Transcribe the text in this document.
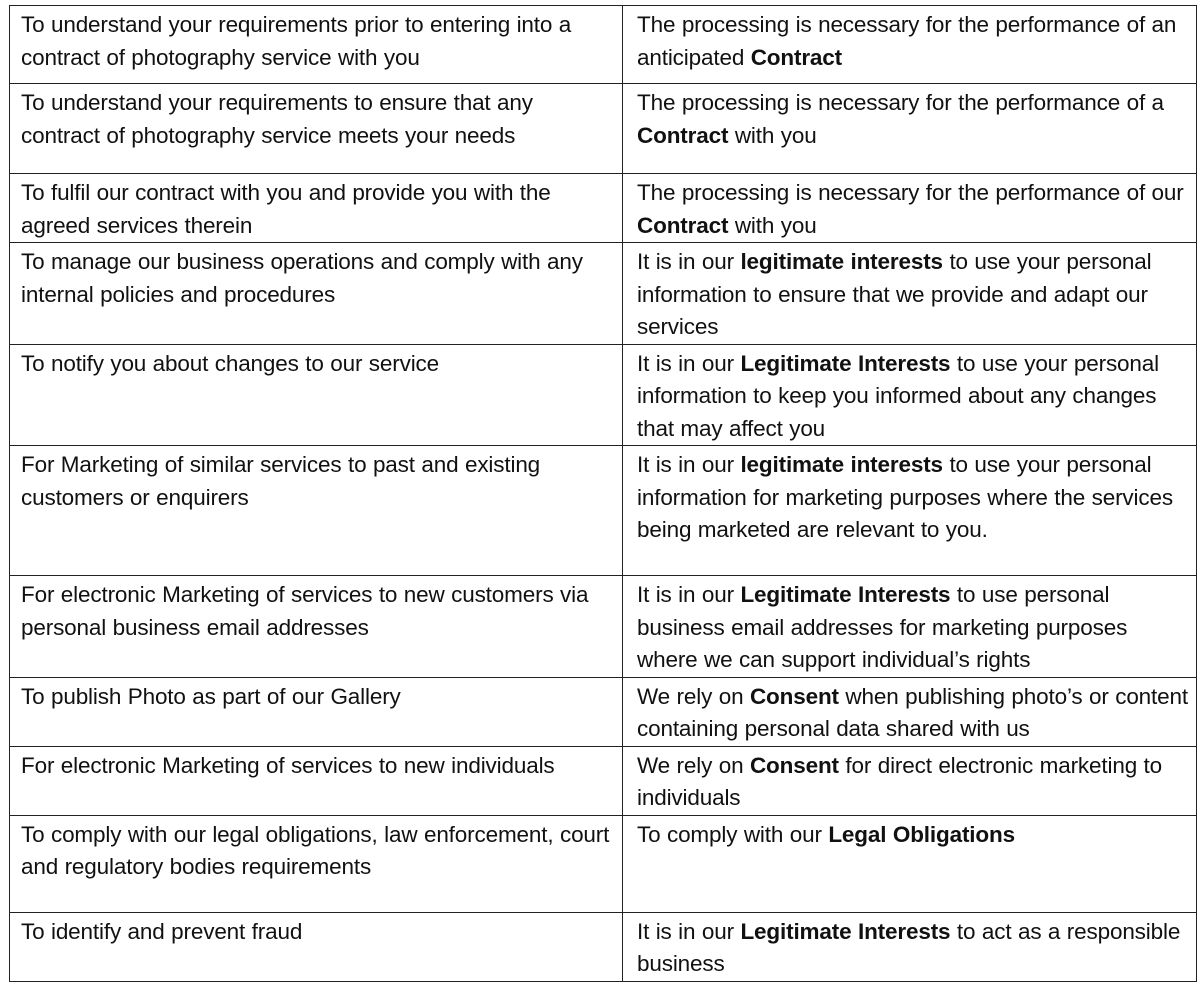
To understand your requirements prior to entering into a contract of photography service with you	The processing is necessary for the performance of an anticipated Contract
To understand your requirements to ensure that any contract of photography service meets your needs	The processing is necessary for the performance of a Contract with you
To fulfil our contract with you and provide you with the agreed services therein	The processing is necessary for the performance of our Contract with you
To manage our business operations and comply with any internal policies and procedures	It is in our legitimate interests to use your personal information to ensure that we provide and adapt our services
To notify you about changes to our service	It is in our Legitimate Interests to use your personal information to keep you informed about any changes that may affect you
For Marketing of similar services to past and existing customers or enquirers	It is in our legitimate interests to use your personal information for marketing purposes where the services being marketed are relevant to you.
For electronic Marketing of services to new customers via personal business email addresses	It is in our Legitimate Interests to use personal business email addresses for marketing purposes where we can support individual’s rights
To publish Photo as part of our Gallery	We rely on Consent when publishing photo’s or content containing personal data shared with us
For electronic Marketing of services to new individuals	We rely on Consent for direct electronic marketing to individuals
To comply with our legal obligations, law enforcement, court and regulatory bodies requirements	To comply with our Legal Obligations
To identify and prevent fraud	It is in our Legitimate Interests to act as a responsible business
